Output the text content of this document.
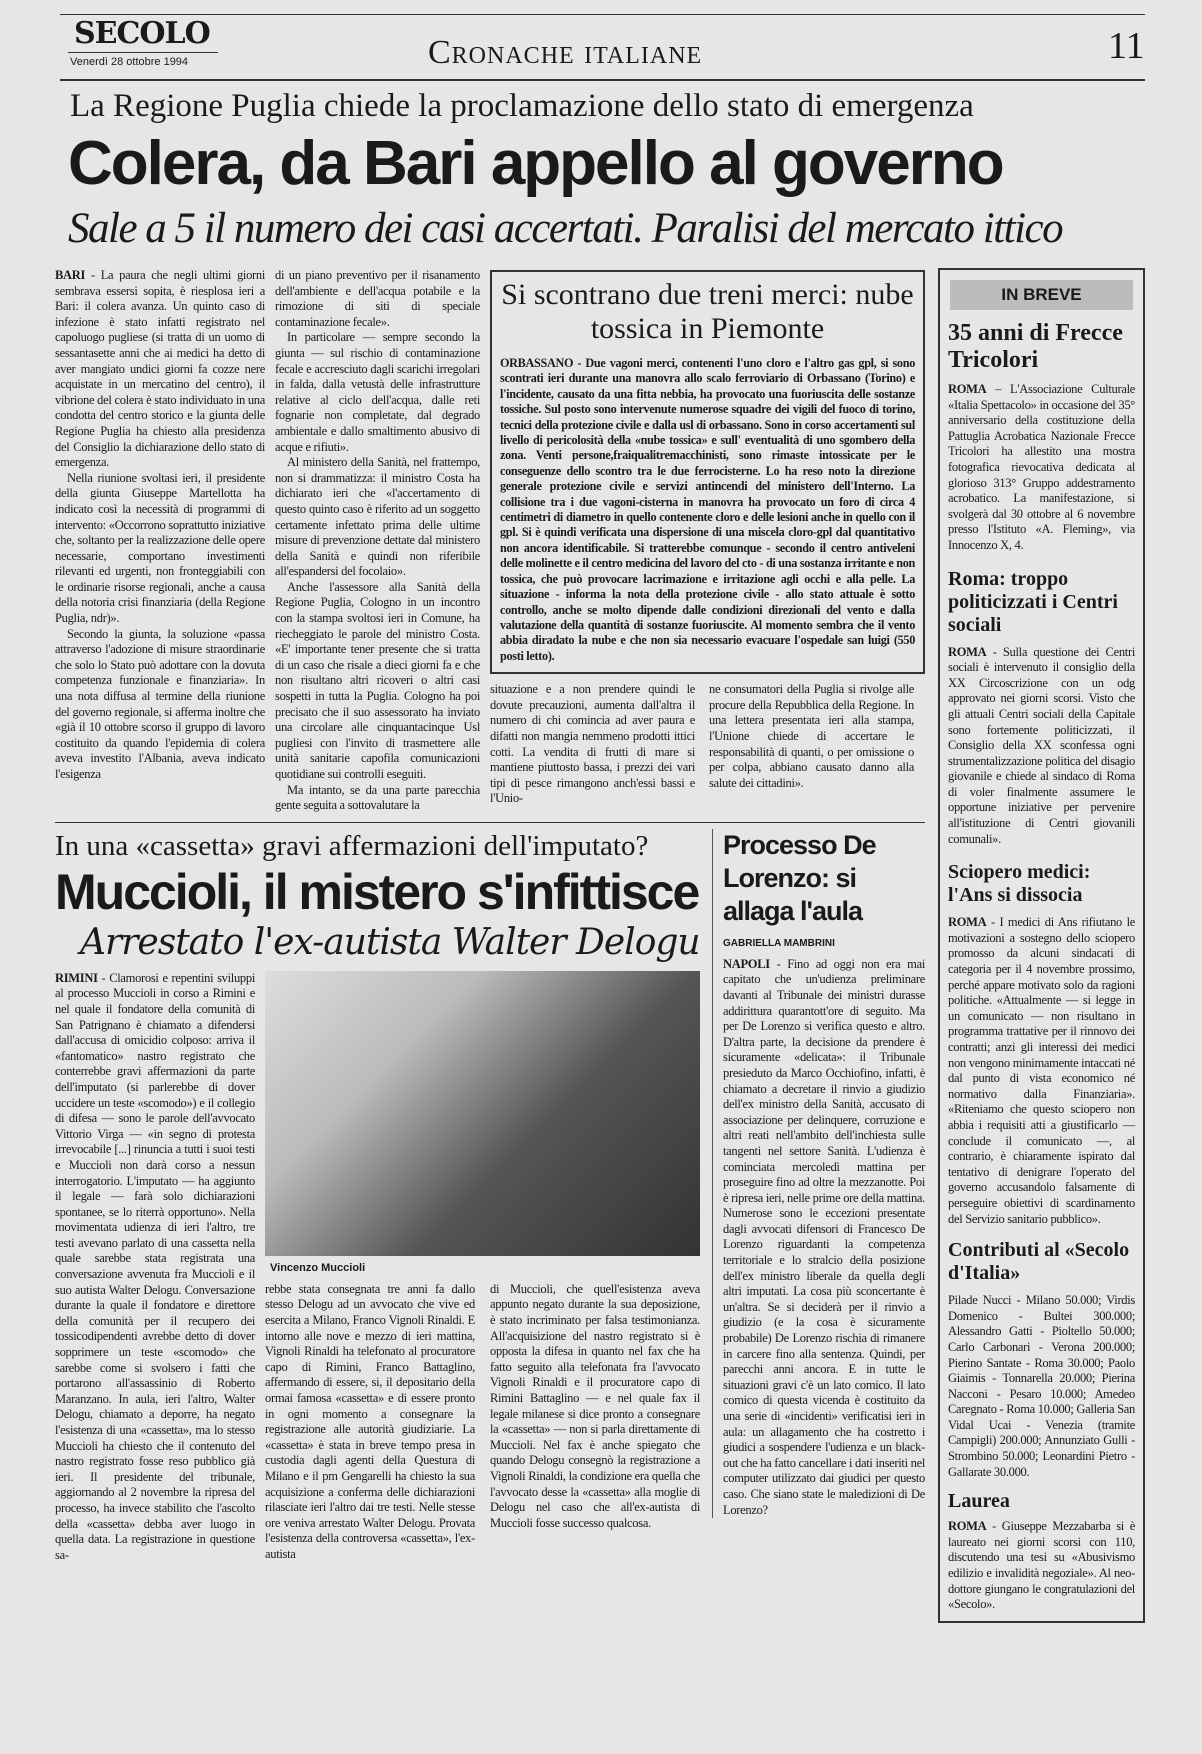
SECOLO
Venerdì 28 ottobre 1994	Cronache italiane	11
La Regione Puglia chiede la proclamazione dello stato di emergenza
Colera, da Bari appello al governo
Sale a 5 il numero dei casi accertati. Paralisi del mercato ittico

BARI - La paura che negli ultimi giorni sembrava essersi sopita, è riesplosa ieri a Bari: il colera avanza. Un quinto caso di infezione è stato infatti registrato nel capoluogo pugliese (si tratta di un uomo di sessantasette anni che ai medici ha detto di aver mangiato undici giorni fa cozze nere acquistate in un mercatino del centro), il vibrione del colera è stato individuato in una condotta del centro storico e la giunta delle Regione Puglia ha chiesto alla presidenza del Consiglio la dichiarazione dello stato di emergenza.

Nella riunione svoltasi ieri, il presidente della giunta Giuseppe Martellotta ha indicato così la necessità di programmi di intervento: «Occorrono soprattutto iniziative che, soltanto per la realizzazione delle opere necessarie, comportano investimenti rilevanti ed urgenti, non fronteggiabili con le ordinarie risorse regionali, anche a causa della notoria crisi finanziaria (della Regione Puglia, ndr)».

Secondo la giunta, la soluzione «passa attraverso l'adozione di misure straordinarie che solo lo Stato può adottare con la dovuta competenza funzionale e finanziaria». In una nota diffusa al termine della riunione del governo regionale, si afferma inoltre che «già il 10 ottobre scorso il gruppo di lavoro costituito da quando l'epidemia di colera aveva investito l'Albania, aveva indicato l'esigenza

di un piano preventivo per il risanamento dell'ambiente e dell'acqua potabile e la rimozione di siti di speciale contaminazione fecale».

In particolare — sempre secondo la giunta — sul rischio di contaminazione fecale e accresciuto dagli scarichi irregolari in falda, dalla vetustà delle infrastrutture relative al ciclo dell'acqua, dalle reti fognarie non completate, dal degrado ambientale e dallo smaltimento abusivo di acque e rifiuti».

Al ministero della Sanità, nel frattempo, non si drammatizza: il ministro Costa ha dichiarato ieri che «l'accertamento di questo quinto caso è riferito ad un soggetto certamente infettato prima delle ultime misure di prevenzione dettate dal ministero della Sanità e quindi non riferibile all'espandersi del focolaio».

Anche l'assessore alla Sanità della Regione Puglia, Cologno in un incontro con la stampa svoltosi ieri in Comune, ha riecheggiato le parole del ministro Costa. «E' importante tener presente che si tratta di un caso che risale a dieci giorni fa e che non risultano altri ricoveri o altri casi sospetti in tutta la Puglia. Cologno ha poi precisato che il suo assessorato ha inviato una circolare alle cinquantacinque Usl pugliesi con l'invito di trasmettere alle unità sanitarie capofila comunicazioni quotidiane sui controlli eseguiti.

Ma intanto, se da una parte parecchia gente seguita a sottovalutare la

Si scontrano due treni merci: nube tossica in Piemonte
ORBASSANO - Due vagoni merci, contenenti l'uno cloro e l'altro gas gpl, si sono scontrati ieri durante una manovra allo scalo ferroviario di Orbassano (Torino) e l'incidente, causato da una fitta nebbia, ha provocato una fuoriuscita delle sostanze tossiche. Sul posto sono intervenute numerose squadre dei vigili del fuoco di torino, tecnici della protezione civile e dalla usl di orbassano. Sono in corso accertamenti sul livello di pericolosità della «nube tossica» e sull' eventualità di uno sgombero della zona. Venti persone,fraiqualitremacchinisti, sono rimaste intossicate per le conseguenze dello scontro tra le due ferrocisterne. Lo ha reso noto la direzione generale protezione civile e servizi antincendi del ministero dell'Interno. La collisione tra i due vagoni-cisterna in manovra ha provocato un foro di circa 4 centimetri di diametro in quello contenente cloro e delle lesioni anche in quello con il gpl. Si è quindi verificata una dispersione di una miscela cloro-gpl dal quantitativo non ancora identificabile. Si tratterebbe comunque - secondo il centro antiveleni delle molinette e il centro medicina del lavoro del cto - di una sostanza irritante e non tossica, che può provocare lacrimazione e irritazione agli occhi e alla pelle. La situazione - informa la nota della protezione civile - allo stato attuale è sotto controllo, anche se molto dipende dalle condizioni direzionali del vento e dalla valutazione della quantità di sostanze fuoriuscite. Al momento sembra che il vento abbia diradato la nube e che non sia necessario evacuare l'ospedale san luigi (550 posti letto).
situazione e a non prendere quindi le dovute precauzioni, aumenta dall'altra il numero di chi comincia ad aver paura e difatti non mangia nemmeno prodotti ittici cotti. La vendita di frutti di mare si mantiene piuttosto bassa, i prezzi dei vari tipi di pesce rimangono anch'essi bassi e l'Unio-
ne consumatori della Puglia si rivolge alle procure della Repubblica della Regione. In una lettera presentata ieri alla stampa, l'Unione chiede di accertare le responsabilità di quanti, o per omissione o per colpa, abbiano causato danno alla salute dei cittadini».
In una «cassetta» gravi affermazioni dell'imputato?
Muccioli, il mistero s'infittisce
Arrestato l'ex-autista Walter Delogu
RIMINI - Clamorosi e repentini sviluppi al processo Muccioli in corso a Rimini e nel quale il fondatore della comunità di San Patrignano è chiamato a difendersi dall'accusa di omicidio colposo: arriva il «fantomatico» nastro registrato che conterrebbe gravi affermazioni da parte dell'imputato (si parlerebbe di dover uccidere un teste «scomodo») e il collegio di difesa — sono le parole dell'avvocato Vittorio Virga — «in segno di protesta irrevocabile [...] rinuncia a tutti i suoi testi e Muccioli non darà corso a nessun interrogatorio. L'imputato — ha aggiunto il legale — farà solo dichiarazioni spontanee, se lo riterrà opportuno». Nella movimentata udienza di ieri l'altro, tre testi avevano parlato di una cassetta nella quale sarebbe stata registrata una conversazione avvenuta fra Muccioli e il suo autista Walter Delogu. Conversazione durante la quale il fondatore e direttore della comunità per il recupero dei tossicodipendenti avrebbe detto di dover sopprimere un teste «scomodo» che sarebbe come si svolsero i fatti che portarono all'assassinio di Roberto Maranzano. In aula, ieri l'altro, Walter Delogu, chiamato a deporre, ha negato l'esistenza di una «cassetta», ma lo stesso Muccioli ha chiesto che il contenuto del nastro registrato fosse reso pubblico già ieri. Il presidente del tribunale, aggiornando al 2 novembre la ripresa del processo, ha invece stabilito che l'ascolto della «cassetta» debba aver luogo in quella data. La registrazione in questione sa-
Vincenzo Muccioli
rebbe stata consegnata tre anni fa dallo stesso Delogu ad un avvocato che vive ed esercita a Milano, Franco Vignoli Rinaldi. E intorno alle nove e mezzo di ieri mattina, Vignoli Rinaldi ha telefonato al procuratore capo di Rimini, Franco Battaglino, affermando di essere, si, il depositario della ormai famosa «cassetta» e di essere pronto in ogni momento a consegnare la registrazione alle autorità giudiziarie. La «cassetta» è stata in breve tempo presa in custodia dagli agenti della Questura di Milano e il pm Gengarelli ha chiesto la sua acquisizione a conferma delle dichiarazioni rilasciate ieri l'altro dai tre testi. Nelle stesse ore veniva arrestato Walter Delogu. Provata l'esistenza della controversa «cassetta», l'ex-autista
di Muccioli, che quell'esistenza aveva appunto negato durante la sua deposizione, è stato incriminato per falsa testimonianza. All'acquisizione del nastro registrato si è opposta la difesa in quanto nel fax che ha fatto seguito alla telefonata fra l'avvocato Vignoli Rinaldi e il procuratore capo di Rimini Battaglino — e nel quale fax il legale milanese si dice pronto a consegnare la «cassetta» — non si parla direttamente di Muccioli. Nel fax è anche spiegato che quando Delogu consegnò la registrazione a Vignoli Rinaldi, la condizione era quella che l'avvocato desse la «cassetta» alla moglie di Delogu nel caso che all'ex-autista di Muccioli fosse successo qualcosa.
Processo De Lorenzo: si allaga l'aula
GABRIELLA MAMBRINI
NAPOLI - Fino ad oggi non era mai capitato che un'udienza preliminare davanti al Tribunale dei ministri durasse addirittura quarantott'ore di seguito. Ma per De Lorenzo si verifica questo e altro. D'altra parte, la decisione da prendere è sicuramente «delicata»: il Tribunale presieduto da Marco Occhiofino, infatti, è chiamato a decretare il rinvio a giudizio dell'ex ministro della Sanità, accusato di associazione per delinquere, corruzione e altri reati nell'ambito dell'inchiesta sulle tangenti nel settore Sanità. L'udienza è cominciata mercoledì mattina per proseguire fino ad oltre la mezzanotte. Poi è ripresa ieri, nelle prime ore della mattina. Numerose sono le eccezioni presentate dagli avvocati difensori di Francesco De Lorenzo riguardanti la competenza territoriale e lo stralcio della posizione dell'ex ministro liberale da quella degli altri imputati. La cosa più sconcertante è un'altra. Se si deciderà per il rinvio a giudizio (e la cosa è sicuramente probabile) De Lorenzo rischia di rimanere in carcere fino alla sentenza. Quindi, per parecchi anni ancora. E in tutte le situazioni gravi c'è un lato comico. Il lato comico di questa vicenda è costituito da una serie di «incidenti» verificatisi ieri in aula: un allagamento che ha costretto i giudici a sospendere l'udienza e un black-out che ha fatto cancellare i dati inseriti nel computer utilizzato dai giudici per questo caso. Che siano state le maledizioni di De Lorenzo?
IN BREVE
35 anni di Frecce Tricolori
ROMA – L'Associazione Culturale «Italia Spettacolo» in occasione del 35° anniversario della costituzione della Pattuglia Acrobatica Nazionale Frecce Tricolori ha allestito una mostra fotografica rievocativa dedicata al glorioso 313° Gruppo addestramento acrobatico. La manifestazione, si svolgerà dal 30 ottobre al 6 novembre presso l'Istituto «A. Fleming», via Innocenzo X, 4.
Roma: troppo politicizzati i Centri sociali
ROMA - Sulla questione dei Centri sociali è intervenuto il consiglio della XX Circoscrizione con un odg approvato nei giorni scorsi. Visto che gli attuali Centri sociali della Capitale sono fortemente politicizzati, il Consiglio della XX sconfessa ogni strumentalizzazione politica del disagio giovanile e chiede al sindaco di Roma di voler finalmente assumere le opportune iniziative per pervenire all'istituzione di Centri giovanili comunali».
Sciopero medici: l'Ans si dissocia
ROMA - I medici di Ans rifiutano le motivazioni a sostegno dello sciopero promosso da alcuni sindacati di categoria per il 4 novembre prossimo, perché appare motivato solo da ragioni politiche. «Attualmente — si legge in un comunicato — non risultano in programma trattative per il rinnovo dei contratti; anzi gli interessi dei medici non vengono minimamente intaccati né dal punto di vista economico né normativo dalla Finanziaria». «Riteniamo che questo sciopero non abbia i requisiti atti a giustificarlo — conclude il comunicato —, al contrario, è chiaramente ispirato dal tentativo di denigrare l'operato del governo accusandolo falsamente di perseguire obiettivi di scardinamento del Servizio sanitario pubblico».
Contributi al «Secolo d'Italia»
Pilade Nucci - Milano 50.000; Virdis Domenico - Bultei 300.000; Alessandro Gatti - Pioltello 50.000; Carlo Carbonari - Verona 200.000; Pierino Santate - Roma 30.000; Paolo Giaimis - Tonnarella 20.000; Pierina Nacconi - Pesaro 10.000; Amedeo Caregnato - Roma 10.000; Galleria San Vidal Ucai - Venezia (tramite Campigli) 200.000; Annunziato Gulli - Strombino 50.000; Leonardini Pietro - Gallarate 30.000.
Laurea
ROMA - Giuseppe Mezzabarba si è laureato nei giorni scorsi con 110, discutendo una tesi su «Abusivismo edilizio e invalidità negoziale». Al neo-dottore giungano le congratulazioni del «Secolo».
